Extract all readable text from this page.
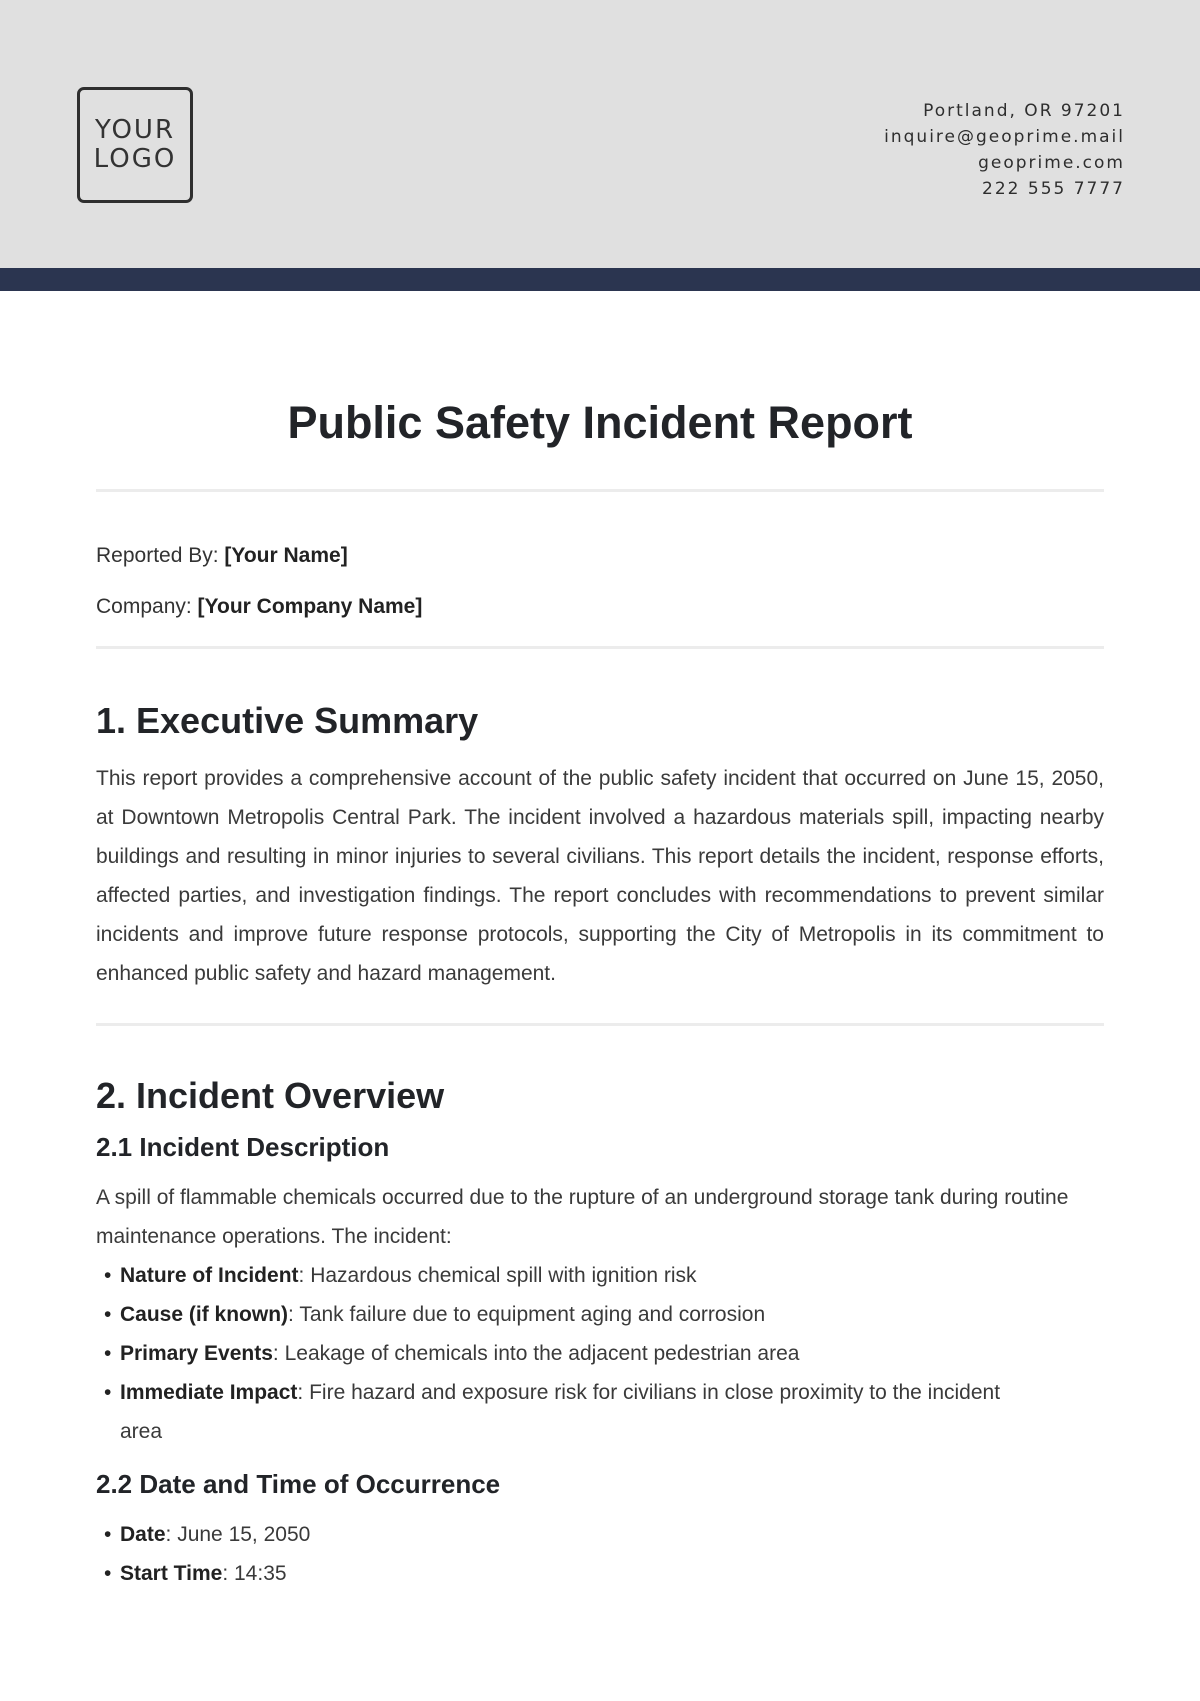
YOUR
LOGO
Portland, OR 97201
inquire@geoprime.mail
geoprime.com
222 555 7777
Public Safety Incident Report
Reported By: [Your Name]
Company: [Your Company Name]
1. Executive Summary

This report provides a comprehensive account of the public safety incident that occurred on June 15, 2050, at Downtown Metropolis Central Park. The incident involved a hazardous materials spill, impacting nearby buildings and resulting in minor injuries to several civilians. This report details the incident, response efforts, affected parties, and investigation findings. The report concludes with recommendations to prevent similar incidents and improve future response protocols, supporting the City of Metropolis in its commitment to enhanced public safety and hazard management.

2. Incident Overview
2.1 Incident Description

A spill of flammable chemicals occurred due to the rupture of an underground storage tank during routine maintenance operations. The incident:

• Nature of Incident: Hazardous chemical spill with ignition risk
• Cause (if known): Tank failure due to equipment aging and corrosion
• Primary Events: Leakage of chemicals into the adjacent pedestrian area
• Immediate Impact: Fire hazard and exposure risk for civilians in close proximity to the incident area
2.2 Date and Time of Occurrence
• Date: June 15, 2050
• Start Time: 14:35
